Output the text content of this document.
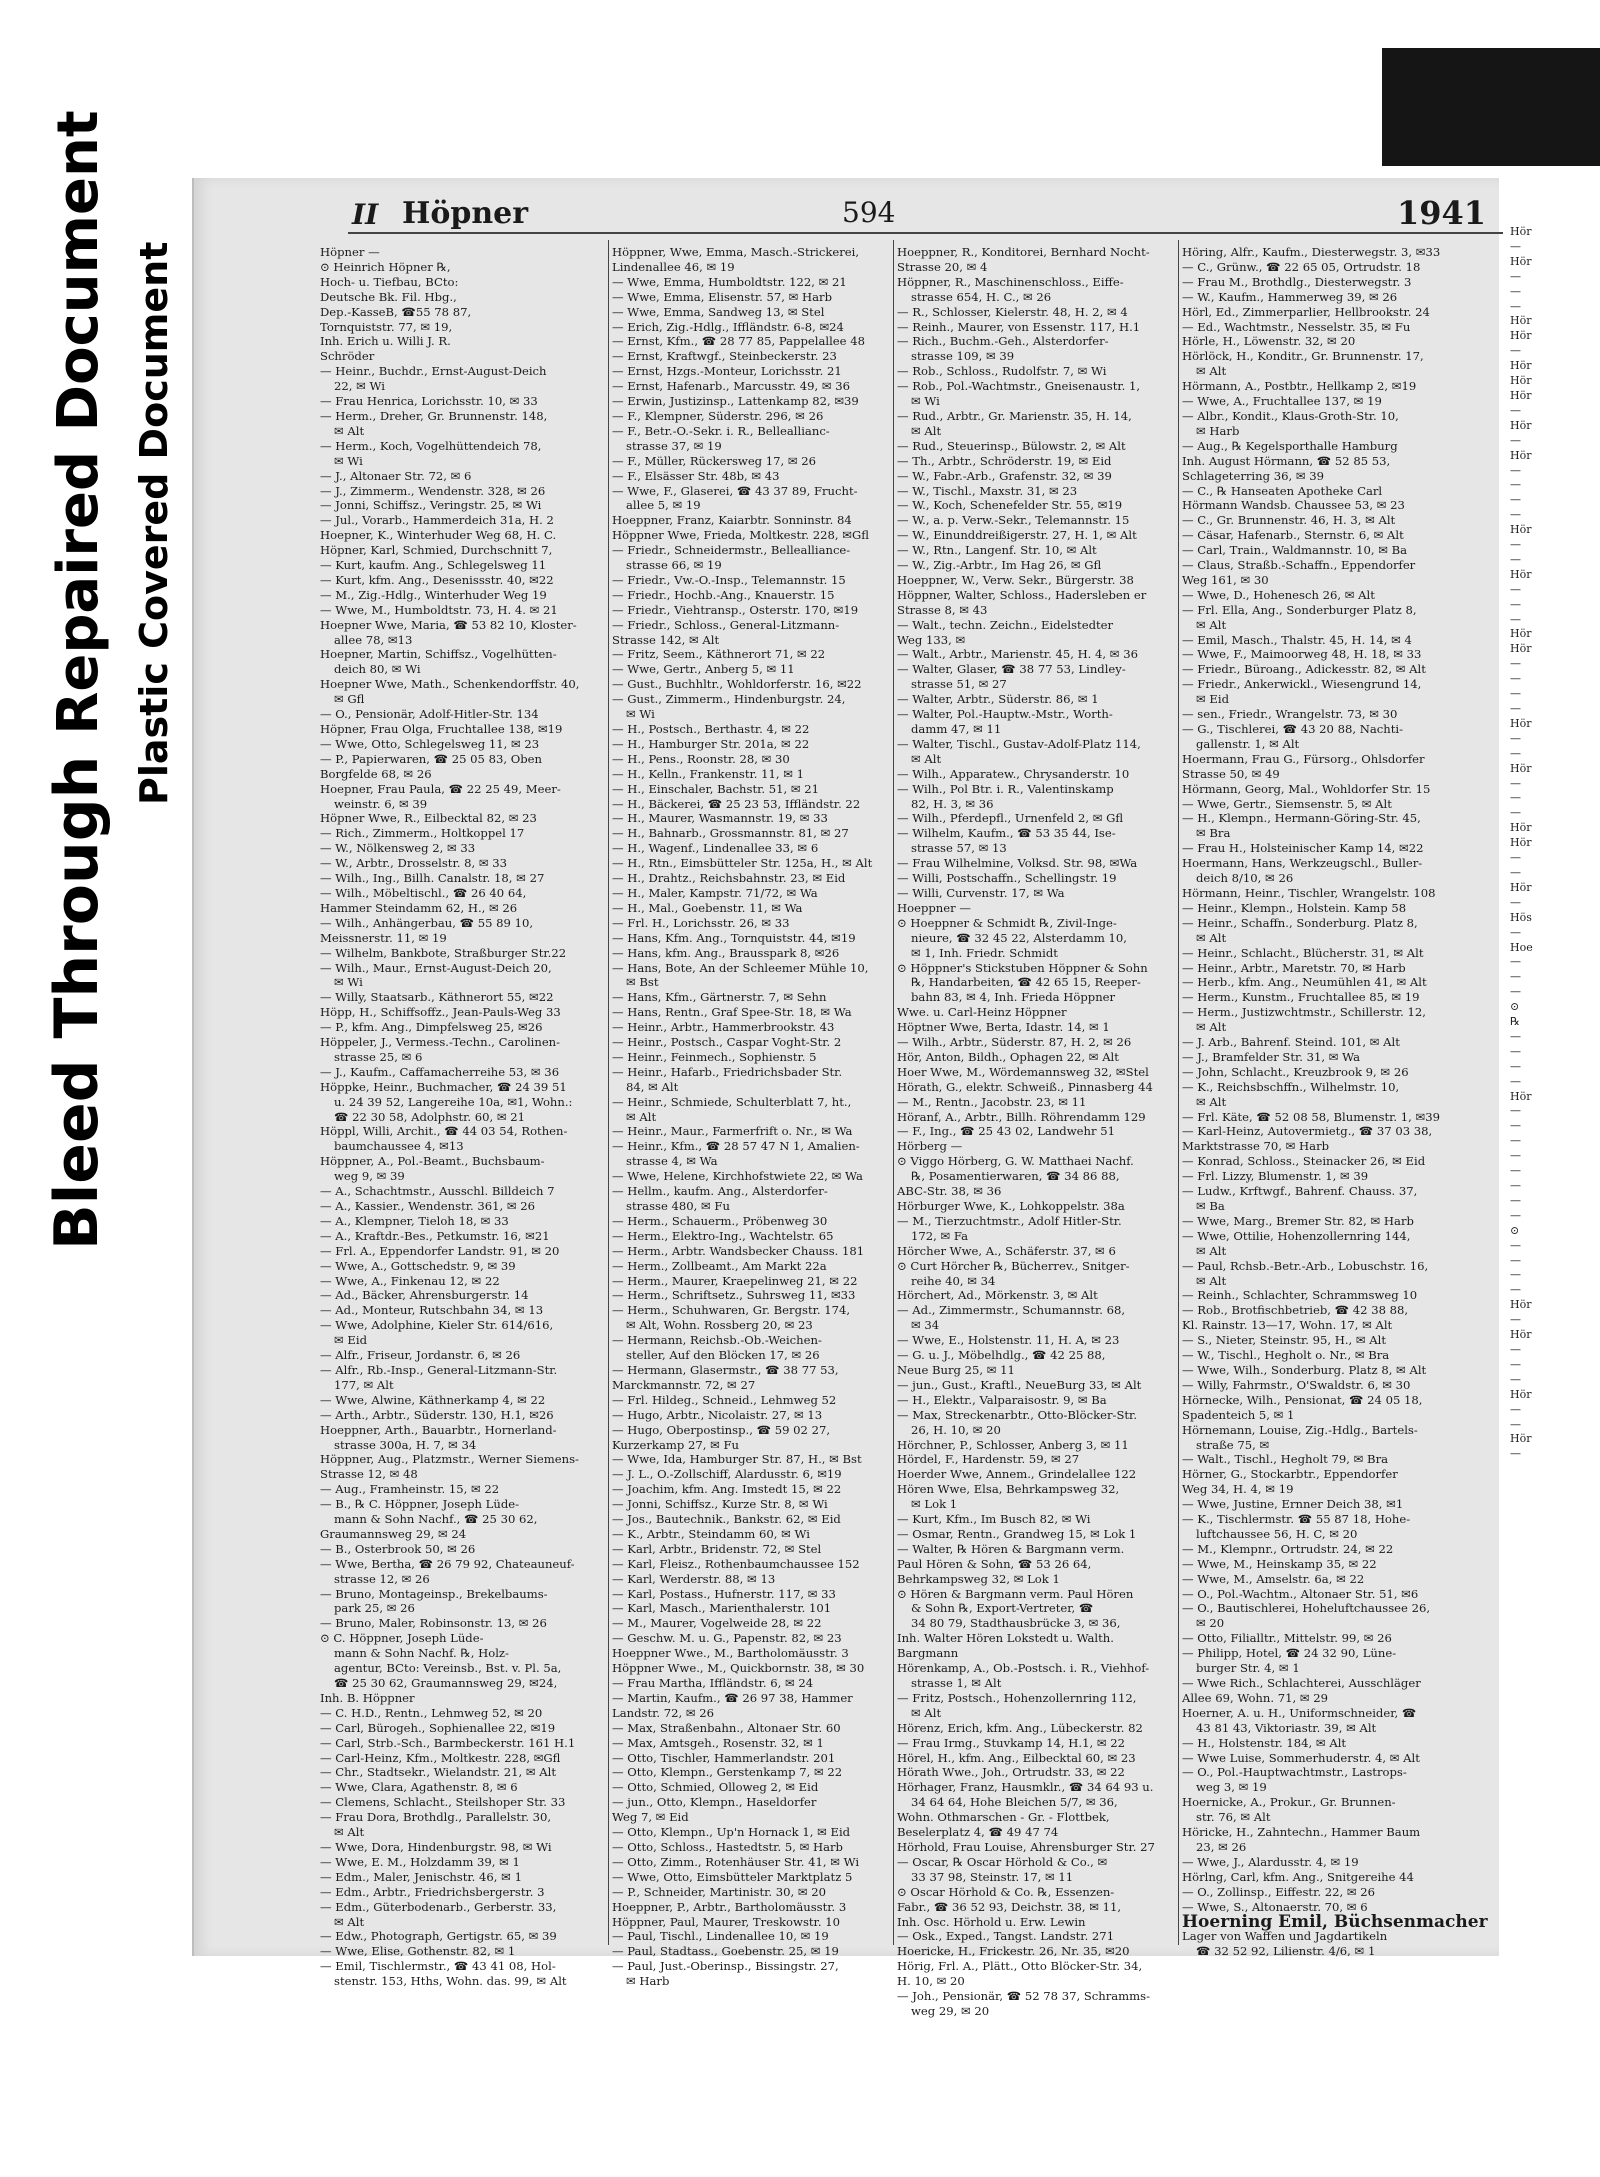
Bleed Through Repaired Document Plastic Covered Document
II Höpner	594	1941
Höpner —
⊙ Heinrich Höpner ℞,
Hoch- u. Tiefbau, BCto:
Deutsche Bk. Fil. Hbg.,
Dep.-KasseB, ☎55 78 87,
Tornquiststr. 77, ✉ 19,
Inh. Erich u. Willi J. R.
Schröder
— Heinr., Buchdr., Ernst-August-Deich
22, ✉ Wi
— Frau Henrica, Lorichsstr. 10, ✉ 33
— Herm., Dreher, Gr. Brunnenstr. 148,
✉ Alt
— Herm., Koch, Vogelhüttendeich 78,
✉ Wi
— J., Altonaer Str. 72, ✉ 6
— J., Zimmerm., Wendenstr. 328, ✉ 26
— Jonni, Schiffsz., Veringstr. 25, ✉ Wi
— Jul., Vorarb., Hammerdeich 31a, H. 2
Hoepner, K., Winterhuder Weg 68, H. C.
Höpner, Karl, Schmied, Durchschnitt 7,
— Kurt, kaufm. Ang., Schlegelsweg 11
— Kurt, kfm. Ang., Desenissstr. 40, ✉22
— M., Zig.-Hdlg., Winterhuder Weg 19
— Wwe, M., Humboldtstr. 73, H. 4. ✉ 21
Hoepner Wwe, Maria, ☎ 53 82 10, Kloster-
allee 78, ✉13
Hoepner, Martin, Schiffsz., Vogelhütten-
deich 80, ✉ Wi
Hoepner Wwe, Math., Schenkendorffstr. 40,
✉ Gfl
— O., Pensionär, Adolf-Hitler-Str. 134
Höpner, Frau Olga, Fruchtallee 138, ✉19
— Wwe, Otto, Schlegelsweg 11, ✉ 23
— P., Papierwaren, ☎ 25 05 83, Oben
Borgfelde 68, ✉ 26
Hoepner, Frau Paula, ☎ 22 25 49, Meer-
weinstr. 6, ✉ 39
Höpner Wwe, R., Eilbecktal 82, ✉ 23
— Rich., Zimmerm., Holtkoppel 17
— W., Nölkensweg 2, ✉ 33
— W., Arbtr., Drosselstr. 8, ✉ 33
— Wilh., Ing., Billh. Canalstr. 18, ✉ 27
— Wilh., Möbeltischl., ☎ 26 40 64,
Hammer Steindamm 62, H., ✉ 26
— Wilh., Anhängerbau, ☎ 55 89 10,
Meissnerstr. 11, ✉ 19
— Wilhelm, Bankbote, Straßburger Str.22
— Wilh., Maur., Ernst-August-Deich 20,
✉ Wi
— Willy, Staatsarb., Käthnerort 55, ✉22
Höpp, H., Schiffsoffz., Jean-Pauls-Weg 33
— P., kfm. Ang., Dimpfelsweg 25, ✉26
Höppeler, J., Vermess.-Techn., Carolinen-
strasse 25, ✉ 6
— J., Kaufm., Caffamacherreihe 53, ✉ 36
Höppke, Heinr., Buchmacher, ☎ 24 39 51
u. 24 39 52, Langereihe 10a, ✉1, Wohn.:
☎ 22 30 58, Adolphstr. 60, ✉ 21
Höppl, Willi, Archit., ☎ 44 03 54, Rothen-
baumchaussee 4, ✉13
Höppner, A., Pol.-Beamt., Buchsbaum-
weg 9, ✉ 39
— A., Schachtmstr., Ausschl. Billdeich 7
— A., Kassier., Wendenstr. 361, ✉ 26
— A., Klempner, Tieloh 18, ✉ 33
— A., Kraftdr.-Bes., Petkumstr. 16, ✉21
— Frl. A., Eppendorfer Landstr. 91, ✉ 20
— Wwe, A., Gottschedstr. 9, ✉ 39
— Wwe, A., Finkenau 12, ✉ 22
— Ad., Bäcker, Ahrensburgerstr. 14
— Ad., Monteur, Rutschbahn 34, ✉ 13
— Wwe, Adolphine, Kieler Str. 614/616,
✉ Eid
— Alfr., Friseur, Jordanstr. 6, ✉ 26
— Alfr., Rb.-Insp., General-Litzmann-Str.
177, ✉ Alt
— Wwe, Alwine, Käthnerkamp 4, ✉ 22
— Arth., Arbtr., Süderstr. 130, H.1, ✉26
Hoeppner, Arth., Bauarbtr., Hornerland-
strasse 300a, H. 7, ✉ 34
Höppner, Aug., Platzmstr., Werner Siemens-
Strasse 12, ✉ 48
— Aug., Framheinstr. 15, ✉ 22
— B., ℞ C. Höppner, Joseph Lüde-
mann & Sohn Nachf., ☎ 25 30 62,
Graumannsweg 29, ✉ 24
— B., Osterbrook 50, ✉ 26
— Wwe, Bertha, ☎ 26 79 92, Chateauneuf-
strasse 12, ✉ 26
— Bruno, Montageinsp., Brekelbaums-
park 25, ✉ 26
— Bruno, Maler, Robinsonstr. 13, ✉ 26
⊙ C. Höppner, Joseph Lüde-
mann & Sohn Nachf. ℞, Holz-
agentur, BCto: Vereinsb., Bst. v. Pl. 5a,
☎ 25 30 62, Graumannsweg 29, ✉24,
Inh. B. Höppner
— C. H.D., Rentn., Lehmweg 52, ✉ 20
— Carl, Bürogeh., Sophienallee 22, ✉19
— Carl, Strb.-Sch., Barmbeckerstr. 161 H.1
— Carl-Heinz, Kfm., Moltkestr. 228, ✉Gfl
— Chr., Stadtsekr., Wielandstr. 21, ✉ Alt
— Wwe, Clara, Agathenstr. 8, ✉ 6
— Clemens, Schlacht., Steilshoper Str. 33
— Frau Dora, Brothdlg., Parallelstr. 30,
✉ Alt
— Wwe, Dora, Hindenburgstr. 98, ✉ Wi
— Wwe, E. M., Holzdamm 39, ✉ 1
— Edm., Maler, Jenischstr. 46, ✉ 1
— Edm., Arbtr., Friedrichsbergerstr. 3
— Edm., Güterbodenarb., Gerberstr. 33,
✉ Alt
— Edw., Photograph, Gertigstr. 65, ✉ 39
— Wwe, Elise, Gothenstr. 82, ✉ 1
— Emil, Tischlermstr., ☎ 43 41 08, Hol-
stenstr. 153, Hths, Wohn. das. 99, ✉ Alt
Höppner, Wwe, Emma, Masch.-Strickerei,
Lindenallee 46, ✉ 19
— Wwe, Emma, Humboldtstr. 122, ✉ 21
— Wwe, Emma, Elisenstr. 57, ✉ Harb
— Wwe, Emma, Sandweg 13, ✉ Stel
— Erich, Zig.-Hdlg., Iffländstr. 6-8, ✉24
— Ernst, Kfm., ☎ 28 77 85, Pappelallee 48
— Ernst, Kraftwgf., Steinbeckerstr. 23
— Ernst, Hzgs.-Monteur, Lorichsstr. 21
— Ernst, Hafenarb., Marcusstr. 49, ✉ 36
— Erwin, Justizinsp., Lattenkamp 82, ✉39
— F., Klempner, Süderstr. 296, ✉ 26
— F., Betr.-O.-Sekr. i. R., Belleallianc-
strasse 37, ✉ 19
— F., Müller, Rückersweg 17, ✉ 26
— F., Elsässer Str. 48b, ✉ 43
— Wwe, F., Glaserei, ☎ 43 37 89, Frucht-
allee 5, ✉ 19
Hoeppner, Franz, Kaiarbtr. Sonninstr. 84
Höppner Wwe, Frieda, Moltkestr. 228, ✉Gfl
— Friedr., Schneidermstr., Bellealliance-
strasse 66, ✉ 19
— Friedr., Vw.-O.-Insp., Telemannstr. 15
— Friedr., Hochb.-Ang., Knauerstr. 15
— Friedr., Viehtransp., Osterstr. 170, ✉19
— Friedr., Schloss., General-Litzmann-
Strasse 142, ✉ Alt
— Fritz, Seem., Käthnerort 71, ✉ 22
— Wwe, Gertr., Anberg 5, ✉ 11
— Gust., Buchhltr., Wohldorferstr. 16, ✉22
— Gust., Zimmerm., Hindenburgstr. 24,
✉ Wi
— H., Postsch., Berthastr. 4, ✉ 22
— H., Hamburger Str. 201a, ✉ 22
— H., Pens., Roonstr. 28, ✉ 30
— H., Kelln., Frankenstr. 11, ✉ 1
— H., Einschaler, Bachstr. 51, ✉ 21
— H., Bäckerei, ☎ 25 23 53, Iffländstr. 22
— H., Maurer, Wasmannstr. 19, ✉ 33
— H., Bahnarb., Grossmannstr. 81, ✉ 27
— H., Wagenf., Lindenallee 33, ✉ 6
— H., Rtn., Eimsbütteler Str. 125a, H., ✉ Alt
— H., Drahtz., Reichsbahnstr. 23, ✉ Eid
— H., Maler, Kampstr. 71/72, ✉ Wa
— H., Mal., Goebenstr. 11, ✉ Wa
— Frl. H., Lorichsstr. 26, ✉ 33
— Hans, Kfm. Ang., Tornquiststr. 44, ✉19
— Hans, kfm. Ang., Brausspark 8, ✉26
— Hans, Bote, An der Schleemer Mühle 10,
✉ Bst
— Hans, Kfm., Gärtnerstr. 7, ✉ Sehn
— Hans, Rentn., Graf Spee-Str. 18, ✉ Wa
— Heinr., Arbtr., Hammerbrookstr. 43
— Heinr., Postsch., Caspar Voght-Str. 2
— Heinr., Feinmech., Sophienstr. 5
— Heinr., Hafarb., Friedrichsbader Str.
84, ✉ Alt
— Heinr., Schmiede, Schulterblatt 7, ht.,
✉ Alt
— Heinr., Maur., Farmerfrift o. Nr., ✉ Wa
— Heinr., Kfm., ☎ 28 57 47 N 1, Amalien-
strasse 4, ✉ Wa
— Wwe, Helene, Kirchhofstwiete 22, ✉ Wa
— Hellm., kaufm. Ang., Alsterdorfer-
strasse 480, ✉ Fu
— Herm., Schauerm., Pröbenweg 30
— Herm., Elektro-Ing., Wachtelstr. 65
— Herm., Arbtr. Wandsbecker Chauss. 181
— Herm., Zollbeamt., Am Markt 22a
— Herm., Maurer, Kraepelinweg 21, ✉ 22
— Herm., Schriftsetz., Suhrsweg 11, ✉33
— Herm., Schuhwaren, Gr. Bergstr. 174,
✉ Alt, Wohn. Rossberg 20, ✉ 23
— Hermann, Reichsb.-Ob.-Weichen-
steller, Auf den Blöcken 17, ✉ 26
— Hermann, Glasermstr., ☎ 38 77 53,
Marckmannstr. 72, ✉ 27
— Frl. Hildeg., Schneid., Lehmweg 52
— Hugo, Arbtr., Nicolaistr. 27, ✉ 13
— Hugo, Oberpostinsp., ☎ 59 02 27,
Kurzerkamp 27, ✉ Fu
— Wwe, Ida, Hamburger Str. 87, H., ✉ Bst
— J. L., O.-Zollschiff, Alardusstr. 6, ✉19
— Joachim, kfm. Ang. Imstedt 15, ✉ 22
— Jonni, Schiffsz., Kurze Str. 8, ✉ Wi
— Jos., Bautechnik., Bankstr. 62, ✉ Eid
— K., Arbtr., Steindamm 60, ✉ Wi
— Karl, Arbtr., Bridenstr. 72, ✉ Stel
— Karl, Fleisz., Rothenbaumchaussee 152
— Karl, Werderstr. 88, ✉ 13
— Karl, Postass., Hufnerstr. 117, ✉ 33
— Karl, Masch., Marienthalerstr. 101
— M., Maurer, Vogelweide 28, ✉ 22
— Geschw. M. u. G., Papenstr. 82, ✉ 23
Hoeppner Wwe., M., Bartholomäusstr. 3
Höppner Wwe., M., Quickbornstr. 38, ✉ 30
— Frau Martha, Iffländstr. 6, ✉ 24
— Martin, Kaufm., ☎ 26 97 38, Hammer
Landstr. 72, ✉ 26
— Max, Straßenbahn., Altonaer Str. 60
— Max, Amtsgeh., Rosenstr. 32, ✉ 1
— Otto, Tischler, Hammerlandstr. 201
— Otto, Klempn., Gerstenkamp 7, ✉ 22
— Otto, Schmied, Olloweg 2, ✉ Eid
— jun., Otto, Klempn., Haseldorfer
Weg 7, ✉ Eid
— Otto, Klempn., Up'n Hornack 1, ✉ Eid
— Otto, Schloss., Hastedtstr. 5, ✉ Harb
— Otto, Zimm., Rotenhäuser Str. 41, ✉ Wi
— Wwe, Otto, Eimsbütteler Marktplatz 5
— P., Schneider, Martinistr. 30, ✉ 20
Hoeppner, P., Arbtr., Bartholomäusstr. 3
Höppner, Paul, Maurer, Treskowstr. 10
— Paul, Tischl., Lindenallee 10, ✉ 19
— Paul, Stadtass., Goebenstr. 25, ✉ 19
— Paul, Just.-Oberinsp., Bissingstr. 27,
✉ Harb
Hoeppner, R., Konditorei, Bernhard Nocht-
Strasse 20, ✉ 4
Höppner, R., Maschinenschloss., Eiffe-
strasse 654, H. C., ✉ 26
— R., Schlosser, Kielerstr. 48, H. 2, ✉ 4
— Reinh., Maurer, von Essenstr. 117, H.1
— Rich., Buchm.-Geh., Alsterdorfer-
strasse 109, ✉ 39
— Rob., Schloss., Rudolfstr. 7, ✉ Wi
— Rob., Pol.-Wachtmstr., Gneisenaustr. 1,
✉ Wi
— Rud., Arbtr., Gr. Marienstr. 35, H. 14,
✉ Alt
— Rud., Steuerinsp., Bülowstr. 2, ✉ Alt
— Th., Arbtr., Schröderstr. 19, ✉ Eid
— W., Fabr.-Arb., Grafenstr. 32, ✉ 39
— W., Tischl., Maxstr. 31, ✉ 23
— W., Koch, Schenefelder Str. 55, ✉19
— W., a. p. Verw.-Sekr., Telemannstr. 15
— W., Einunddreißigerstr. 27, H. 1, ✉ Alt
— W., Rtn., Langenf. Str. 10, ✉ Alt
— W., Zig.-Arbtr., Im Hag 26, ✉ Gfl
Hoeppner, W., Verw. Sekr., Bürgerstr. 38
Höppner, Walter, Schloss., Hadersleben er
Strasse 8, ✉ 43
— Walt., techn. Zeichn., Eidelstedter
Weg 133, ✉
— Walt., Arbtr., Marienstr. 45, H. 4, ✉ 36
— Walter, Glaser, ☎ 38 77 53, Lindley-
strasse 51, ✉ 27
— Walter, Arbtr., Süderstr. 86, ✉ 1
— Walter, Pol.-Hauptw.-Mstr., Worth-
damm 47, ✉ 11
— Walter, Tischl., Gustav-Adolf-Platz 114,
✉ Alt
— Wilh., Apparatew., Chrysanderstr. 10
— Wilh., Pol Btr. i. R., Valentinskamp
82, H. 3, ✉ 36
— Wilh., Pferdepfl., Urnenfeld 2, ✉ Gfl
— Wilhelm, Kaufm., ☎ 53 35 44, Ise-
strasse 57, ✉ 13
— Frau Wilhelmine, Volksd. Str. 98, ✉Wa
— Willi, Postschaffn., Schellingstr. 19
— Willi, Curvenstr. 17, ✉ Wa
Hoeppner —
⊙ Hoeppner & Schmidt ℞, Zivil-Inge-
nieure, ☎ 32 45 22, Alsterdamm 10,
✉ 1, Inh. Friedr. Schmidt
⊙ Höppner's Stickstuben Höppner & Sohn
℞, Handarbeiten, ☎ 42 65 15, Reeper-
bahn 83, ✉ 4, Inh. Frieda Höppner
Wwe. u. Carl-Heinz Höppner
Höptner Wwe, Berta, Idastr. 14, ✉ 1
— Wilh., Arbtr., Süderstr. 87, H. 2, ✉ 26
Hör, Anton, Bildh., Ophagen 22, ✉ Alt
Hoer Wwe, M., Wördemannsweg 32, ✉Stel
Hörath, G., elektr. Schweiß., Pinnasberg 44
— M., Rentn., Jacobstr. 23, ✉ 11
Höranf, A., Arbtr., Billh. Röhrendamm 129
— F., Ing., ☎ 25 43 02, Landwehr 51
Hörberg —
⊙ Viggo Hörberg, G. W. Matthaei Nachf.
℞, Posamentierwaren, ☎ 34 86 88,
ABC-Str. 38, ✉ 36
Hörburger Wwe, K., Lohkoppelstr. 38a
— M., Tierzuchtmstr., Adolf Hitler-Str.
172, ✉ Fa
Hörcher Wwe, A., Schäferstr. 37, ✉ 6
⊙ Curt Hörcher ℞, Bücherrev., Snitger-
reihe 40, ✉ 34
Hörchert, Ad., Mörkenstr. 3, ✉ Alt
— Ad., Zimmermstr., Schumannstr. 68,
✉ 34
— Wwe, E., Holstenstr. 11, H. A, ✉ 23
— G. u. J., Möbelhdlg., ☎ 42 25 88,
Neue Burg 25, ✉ 11
— jun., Gust., Kraftl., NeueBurg 33, ✉ Alt
— H., Elektr., Valparaisostr. 9, ✉ Ba
— Max, Streckenarbtr., Otto-Blöcker-Str.
26, H. 10, ✉ 20
Hörchner, P., Schlosser, Anberg 3, ✉ 11
Hördel, F., Hardenstr. 59, ✉ 27
Hoerder Wwe, Annem., Grindelallee 122
Hören Wwe, Elsa, Behrkampsweg 32,
✉ Lok 1
— Kurt, Kfm., Im Busch 82, ✉ Wi
— Osmar, Rentn., Grandweg 15, ✉ Lok 1
— Walter, ℞ Hören & Bargmann verm.
Paul Hören & Sohn, ☎ 53 26 64,
Behrkampsweg 32, ✉ Lok 1
⊙ Hören & Bargmann verm. Paul Hören
& Sohn ℞, Export-Vertreter, ☎
34 80 79, Stadthausbrücke 3, ✉ 36,
Inh. Walter Hören Lokstedt u. Walth.
Bargmann
Hörenkamp, A., Ob.-Postsch. i. R., Viehhof-
strasse 1, ✉ Alt
— Fritz, Postsch., Hohenzollernring 112,
✉ Alt
Hörenz, Erich, kfm. Ang., Lübeckerstr. 82
— Frau Irmg., Stuvkamp 14, H.1, ✉ 22
Hörel, H., kfm. Ang., Eilbecktal 60, ✉ 23
Hörath Wwe., Joh., Ortrudstr. 33, ✉ 22
Hörhager, Franz, Hausmklr., ☎ 34 64 93 u.
34 64 64, Hohe Bleichen 5/7, ✉ 36,
Wohn. Othmarschen - Gr. - Flottbek,
Beselerplatz 4, ☎ 49 47 74
Hörhold, Frau Louise, Ahrensburger Str. 27
— Oscar, ℞ Oscar Hörhold & Co., ✉
33 37 98, Steinstr. 17, ✉ 11
⊙ Oscar Hörhold & Co. ℞, Essenzen-
Fabr., ☎ 36 52 93, Deichstr. 38, ✉ 11,
Inh. Osc. Hörhold u. Erw. Lewin
— Osk., Exped., Tangst. Landstr. 271
Hoericke, H., Frickestr. 26, Nr. 35, ✉20
Hörig, Frl. A., Plätt., Otto Blöcker-Str. 34,
H. 10, ✉ 20
— Joh., Pensionär, ☎ 52 78 37, Schramms-
weg 29, ✉ 20
Höring, Alfr., Kaufm., Diesterwegstr. 3, ✉33
— C., Grünw., ☎ 22 65 05, Ortrudstr. 18
— Frau M., Brothdlg., Diesterwegstr. 3
— W., Kaufm., Hammerweg 39, ✉ 26
Hörl, Ed., Zimmerparlier, Hellbrookstr. 24
— Ed., Wachtmstr., Nesselstr. 35, ✉ Fu
Hörle, H., Löwenstr. 32, ✉ 20
Hörlöck, H., Konditr., Gr. Brunnenstr. 17,
✉ Alt
Hörmann, A., Postbtr., Hellkamp 2, ✉19
— Wwe, A., Fruchtallee 137, ✉ 19
— Albr., Kondit., Klaus-Groth-Str. 10,
✉ Harb
— Aug., ℞ Kegelsporthalle Hamburg
Inh. August Hörmann, ☎ 52 85 53,
Schlageterring 36, ✉ 39
— C., ℞ Hanseaten Apotheke Carl
Hörmann Wandsb. Chaussee 53, ✉ 23
— C., Gr. Brunnenstr. 46, H. 3, ✉ Alt
— Cäsar, Hafenarb., Sternstr. 6, ✉ Alt
— Carl, Train., Waldmannstr. 10, ✉ Ba
— Claus, Straßb.-Schaffn., Eppendorfer
Weg 161, ✉ 30
— Wwe, D., Hohenesch 26, ✉ Alt
— Frl. Ella, Ang., Sonderburger Platz 8,
✉ Alt
— Emil, Masch., Thalstr. 45, H. 14, ✉ 4
— Wwe, F., Maimoorweg 48, H. 18, ✉ 33
— Friedr., Büroang., Adickesstr. 82, ✉ Alt
— Friedr., Ankerwickl., Wiesengrund 14,
✉ Eid
— sen., Friedr., Wrangelstr. 73, ✉ 30
— G., Tischlerei, ☎ 43 20 88, Nachti-
gallenstr. 1, ✉ Alt
Hoermann, Frau G., Fürsorg., Ohlsdorfer
Strasse 50, ✉ 49
Hörmann, Georg, Mal., Wohldorfer Str. 15
— Wwe, Gertr., Siemsenstr. 5, ✉ Alt
— H., Klempn., Hermann-Göring-Str. 45,
✉ Bra
— Frau H., Holsteinischer Kamp 14, ✉22
Hoermann, Hans, Werkzeugschl., Buller-
deich 8/10, ✉ 26
Hörmann, Heinr., Tischler, Wrangelstr. 108
— Heinr., Klempn., Holstein. Kamp 58
— Heinr., Schaffn., Sonderburg. Platz 8,
✉ Alt
— Heinr., Schlacht., Blücherstr. 31, ✉ Alt
— Heinr., Arbtr., Maretstr. 70, ✉ Harb
— Herb., kfm. Ang., Neumühlen 41, ✉ Alt
— Herm., Kunstm., Fruchtallee 85, ✉ 19
— Herm., Justizwchtmstr., Schillerstr. 12,
✉ Alt
— J. Arb., Bahrenf. Steind. 101, ✉ Alt
— J., Bramfelder Str. 31, ✉ Wa
— John, Schlacht., Kreuzbrook 9, ✉ 26
— K., Reichsbschffn., Wilhelmstr. 10,
✉ Alt
— Frl. Käte, ☎ 52 08 58, Blumenstr. 1, ✉39
— Karl-Heinz, Autovermietg., ☎ 37 03 38,
Marktstrasse 70, ✉ Harb
— Konrad, Schloss., Steinacker 26, ✉ Eid
— Frl. Lizzy, Blumenstr. 1, ✉ 39
— Ludw., Krftwgf., Bahrenf. Chauss. 37,
✉ Ba
— Wwe, Marg., Bremer Str. 82, ✉ Harb
— Wwe, Ottilie, Hohenzollernring 144,
✉ Alt
— Paul, Rchsb.-Betr.-Arb., Lobuschstr. 16,
✉ Alt
— Reinh., Schlachter, Schrammsweg 10
— Rob., Brotfischbetrieb, ☎ 42 38 88,
Kl. Rainstr. 13—17, Wohn. 17, ✉ Alt
— S., Nieter, Steinstr. 95, H., ✉ Alt
— W., Tischl., Hegholt o. Nr., ✉ Bra
— Wwe, Wilh., Sonderburg. Platz 8, ✉ Alt
— Willy, Fahrmstr., O'Swaldstr. 6, ✉ 30
Hörnecke, Wilh., Pensionat, ☎ 24 05 18,
Spadenteich 5, ✉ 1
Hörnemann, Louise, Zig.-Hdlg., Bartels-
straße 75, ✉
— Walt., Tischl., Hegholt 79, ✉ Bra
Hörner, G., Stockarbtr., Eppendorfer
Weg 34, H. 4, ✉ 19
— Wwe, Justine, Ernner Deich 38, ✉1
— K., Tischlermstr. ☎ 55 87 18, Hohe-
luftchaussee 56, H. C, ✉ 20
— M., Klempnr., Ortrudstr. 24, ✉ 22
— Wwe, M., Heinskamp 35, ✉ 22
— Wwe, M., Amselstr. 6a, ✉ 22
— O., Pol.-Wachtm., Altonaer Str. 51, ✉6
— O., Bautischlerei, Hoheluftchaussee 26,
✉ 20
— Otto, Filialltr., Mittelstr. 99, ✉ 26
— Philipp, Hotel, ☎ 24 32 90, Lüne-
burger Str. 4, ✉ 1
— Wwe Rich., Schlachterei, Ausschläger
Allee 69, Wohn. 71, ✉ 29
Hoerner, A. u. H., Uniformschneider, ☎
43 81 43, Viktoriastr. 39, ✉ Alt
— H., Holstenstr. 184, ✉ Alt
— Wwe Luise, Sommerhuderstr. 4, ✉ Alt
— O., Pol.-Hauptwachtmstr., Lastrops-
weg 3, ✉ 19
Hoernicke, A., Prokur., Gr. Brunnen-
str. 76, ✉ Alt
Höricke, H., Zahntechn., Hammer Baum
23, ✉ 26
— Wwe, J., Alardusstr. 4, ✉ 19
Hörlng, Carl, kfm. Ang., Snitgereihe 44
— O., Zollinsp., Eiffestr. 22, ✉ 26
— Wwe, S., Altonaerstr. 70, ✉ 6
Hoerning Emil, Büchsenmacher
Lager von Waffen und Jagdartikeln
☎ 32 52 92, Lilienstr. 4/6, ✉ 1
Hör
—
Hör
—
—
—
Hör
Hör
—
Hör
Hör
Hör
—
Hör
—
Hör
—
—
—
—
Hör
—
—
Hör
—
—
—
Hör
Hör
—
—
—
—
Hör
—
—
Hör
—
—
—
Hör
Hör
—
—
Hör
—
Hös
—
Hoe
—
—
—
⊙
℞
—
—
—
—
Hör
—
—
—
—
—
—
—
—
⊙
—
—
—
—
Hör
—
Hör
—
—
—
Hör
—
—
Hör
—
